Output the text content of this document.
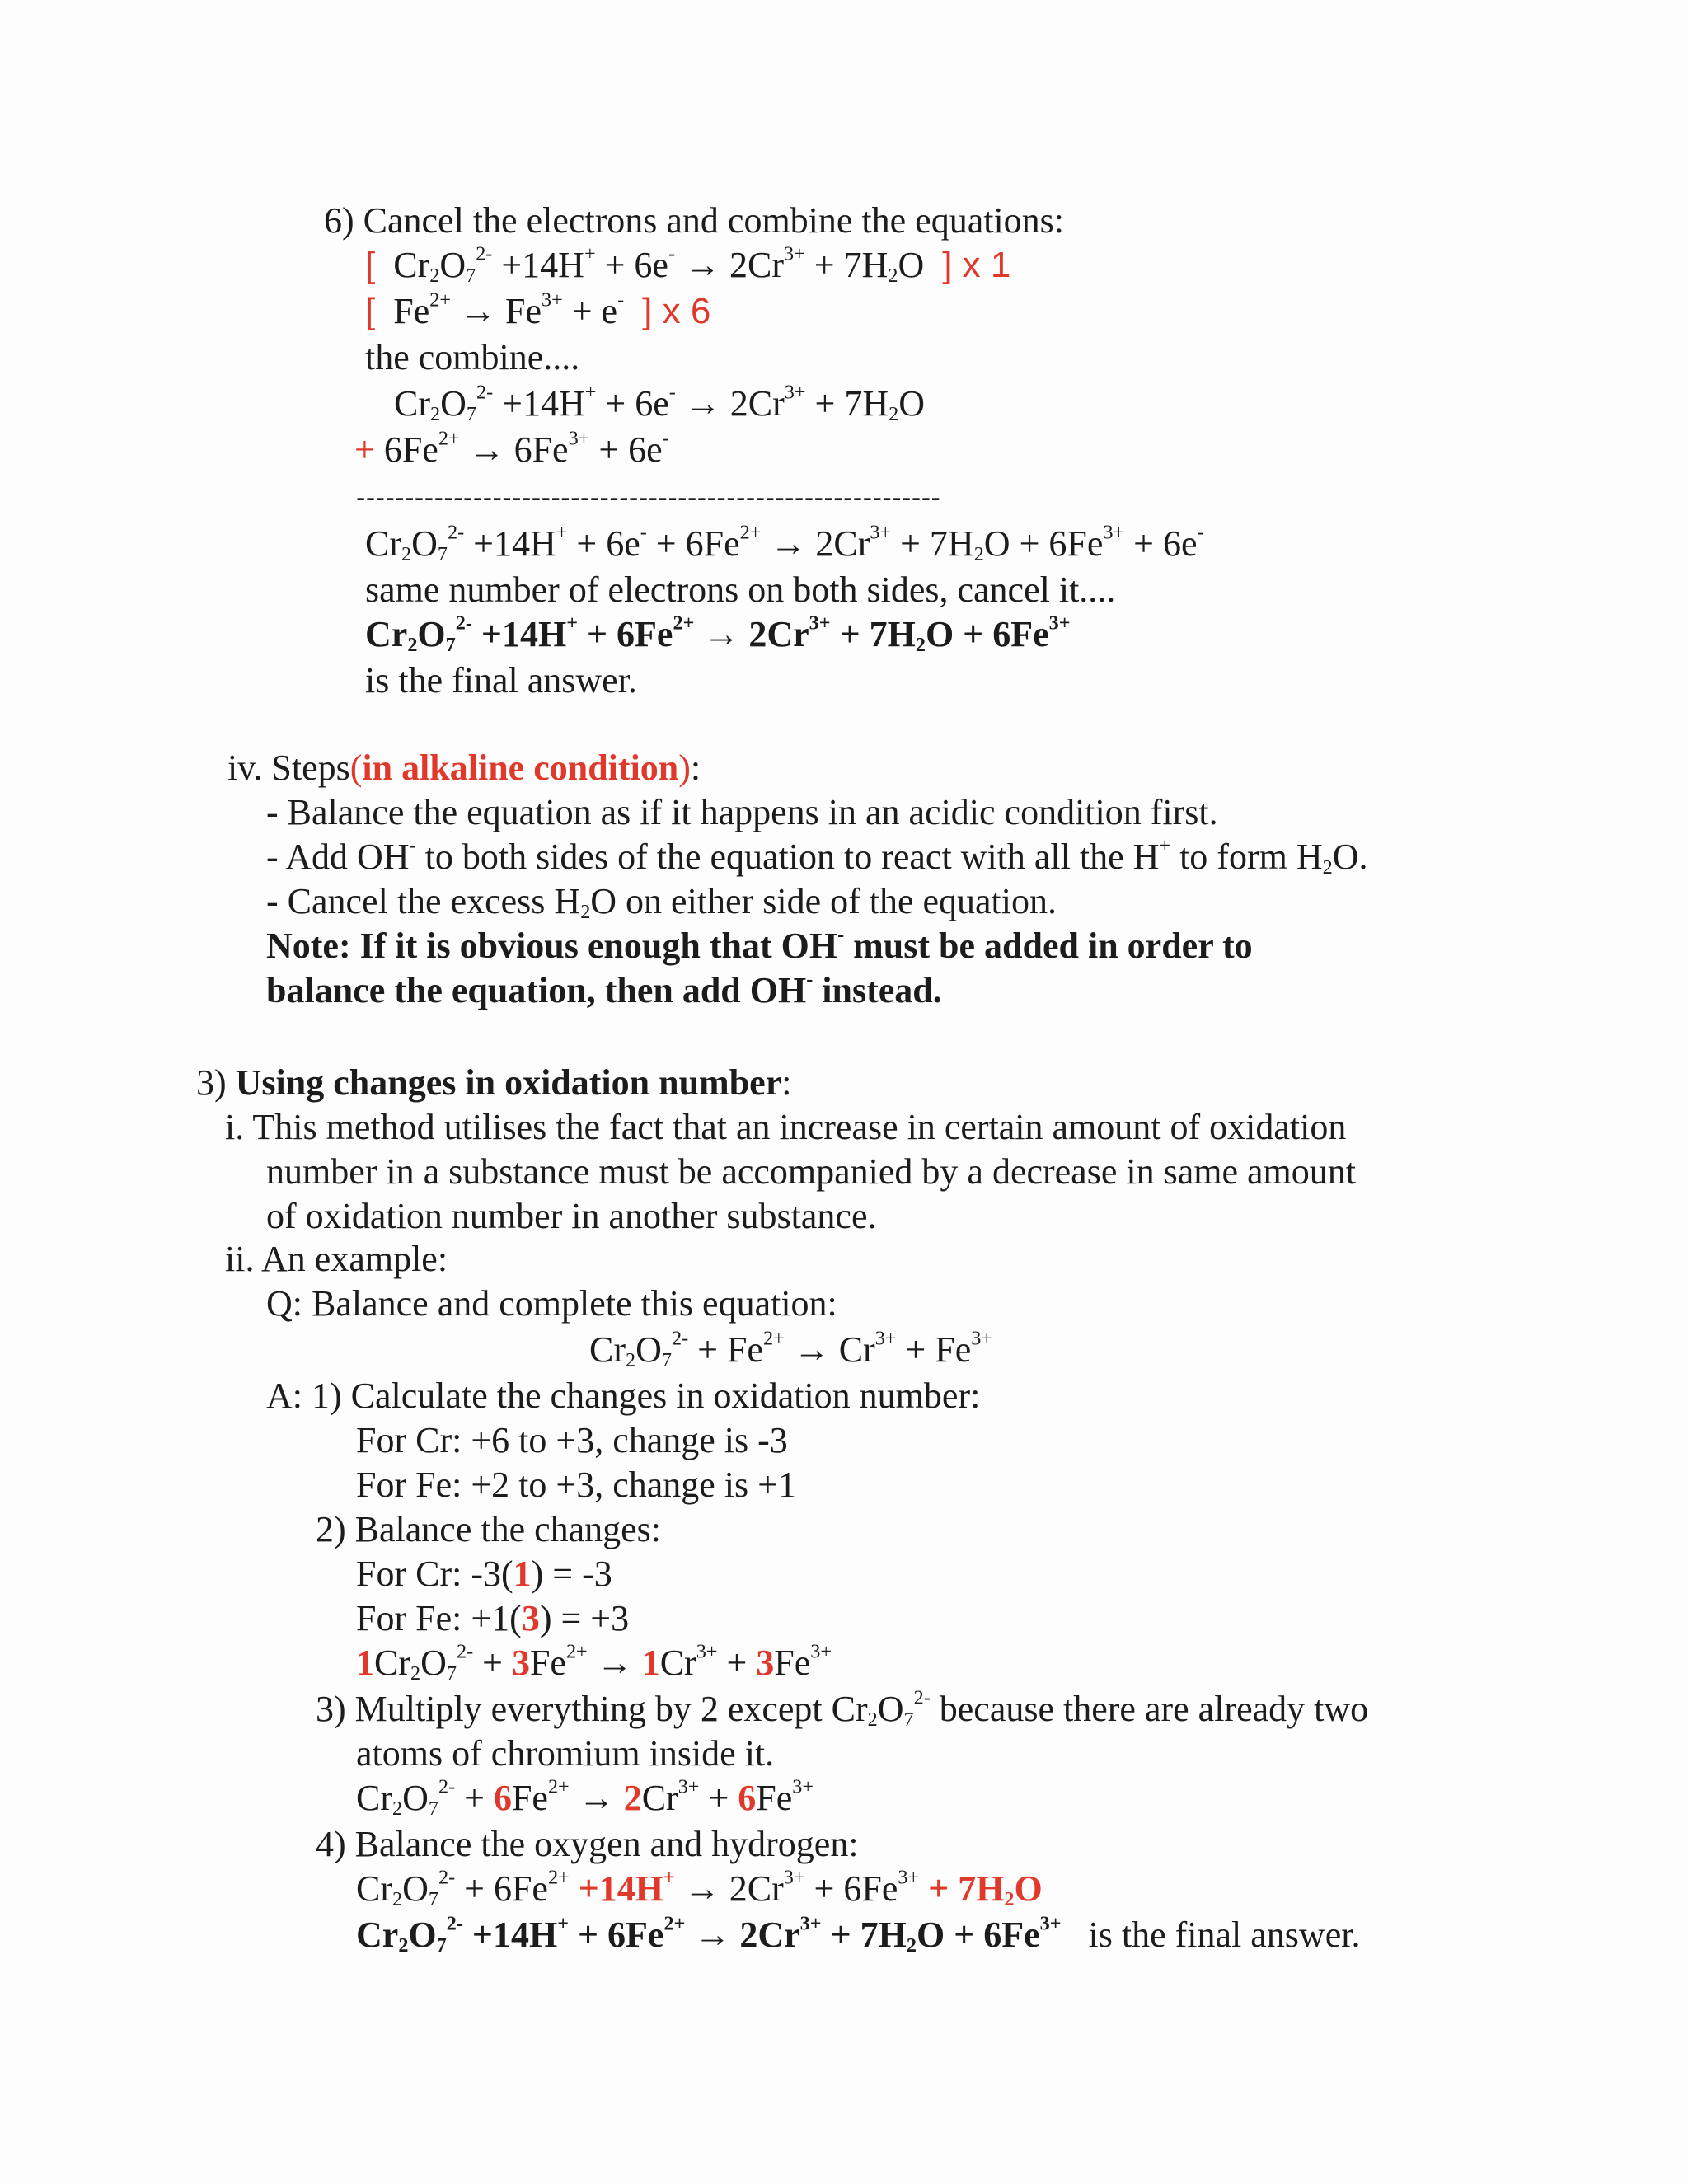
6) Cancel the electrons and combine the equations:
[  $Cr_2O_7^{2-} +14H^+ + 6e^- \to 2Cr^{3+} + 7H_2O$  ] x 1
[  $Fe^{2+} \to Fe^{3+} + e^-$ ] x 6
the combine....
$Cr_2O_7^{2-} +14H^+ + 6e^- \to 2Cr^{3+} + 7H_2O$
+ $6Fe^{2+} \to 6Fe^{3+} + 6e^-$
------------------------------------------------------------
$Cr_2O_7^{2-} +14H^+ + 6e^- + 6Fe^{2+} \to 2Cr^{3+} + 7H_2O + 6Fe^{3+} + 6e^-$
same number of electrons on both sides, cancel it....
$Cr_2O_7^{2-} +14H^+ + 6Fe^{2+} \to 2Cr^{3+} + 7H_2O + 6Fe^{3+}$
is the final answer.
iv. Steps(in alkaline condition):
- Balance the equation as if it happens in an acidic condition first.
- Add OH- to both sides of the equation to react with all the H+ to form $H_2O$.
- Cancel the excess $H_2O$ on either side of the equation.
Note: If it is obvious enough that OH- must be added in order to
balance the equation, then add OH- instead.
3) Using changes in oxidation number:
i. This method utilises the fact that an increase in certain amount of oxidation
number in a substance must be accompanied by a decrease in same amount
of oxidation number in another substance.
ii. An example:
Q: Balance and complete this equation:
$Cr_2O_7^{2-} + Fe^{2+} \to Cr^{3+} + Fe^{3+}$
A: 1) Calculate the changes in oxidation number:
For Cr: +6 to +3, change is -3
For Fe: +2 to +3, change is +1
2) Balance the changes:
For Cr: -3(1) = -3
For Fe: +1(3) = +3
$1Cr_2O_7^{2-} + 3Fe^{2+} \to 1Cr^{3+} + 3Fe^{3+}$
3) Multiply everything by 2 except $Cr_2O_7^{2-}$ because there are already two
atoms of chromium inside it.
$Cr_2O_7^{2-} + 6Fe^{2+} \to 2Cr^{3+} + 6Fe^{3+}$
4) Balance the oxygen and hydrogen:
$Cr_2O_7^{2-} + 6Fe^{2+} +14H^+ \to 2Cr^{3+} + 6Fe^{3+} + 7H_2O$
$Cr_2O_7^{2-} +14H^+ + 6Fe^{2+} \to 2Cr^{3+} + 7H_2O + 6Fe^{3+}$ is the final answer.
